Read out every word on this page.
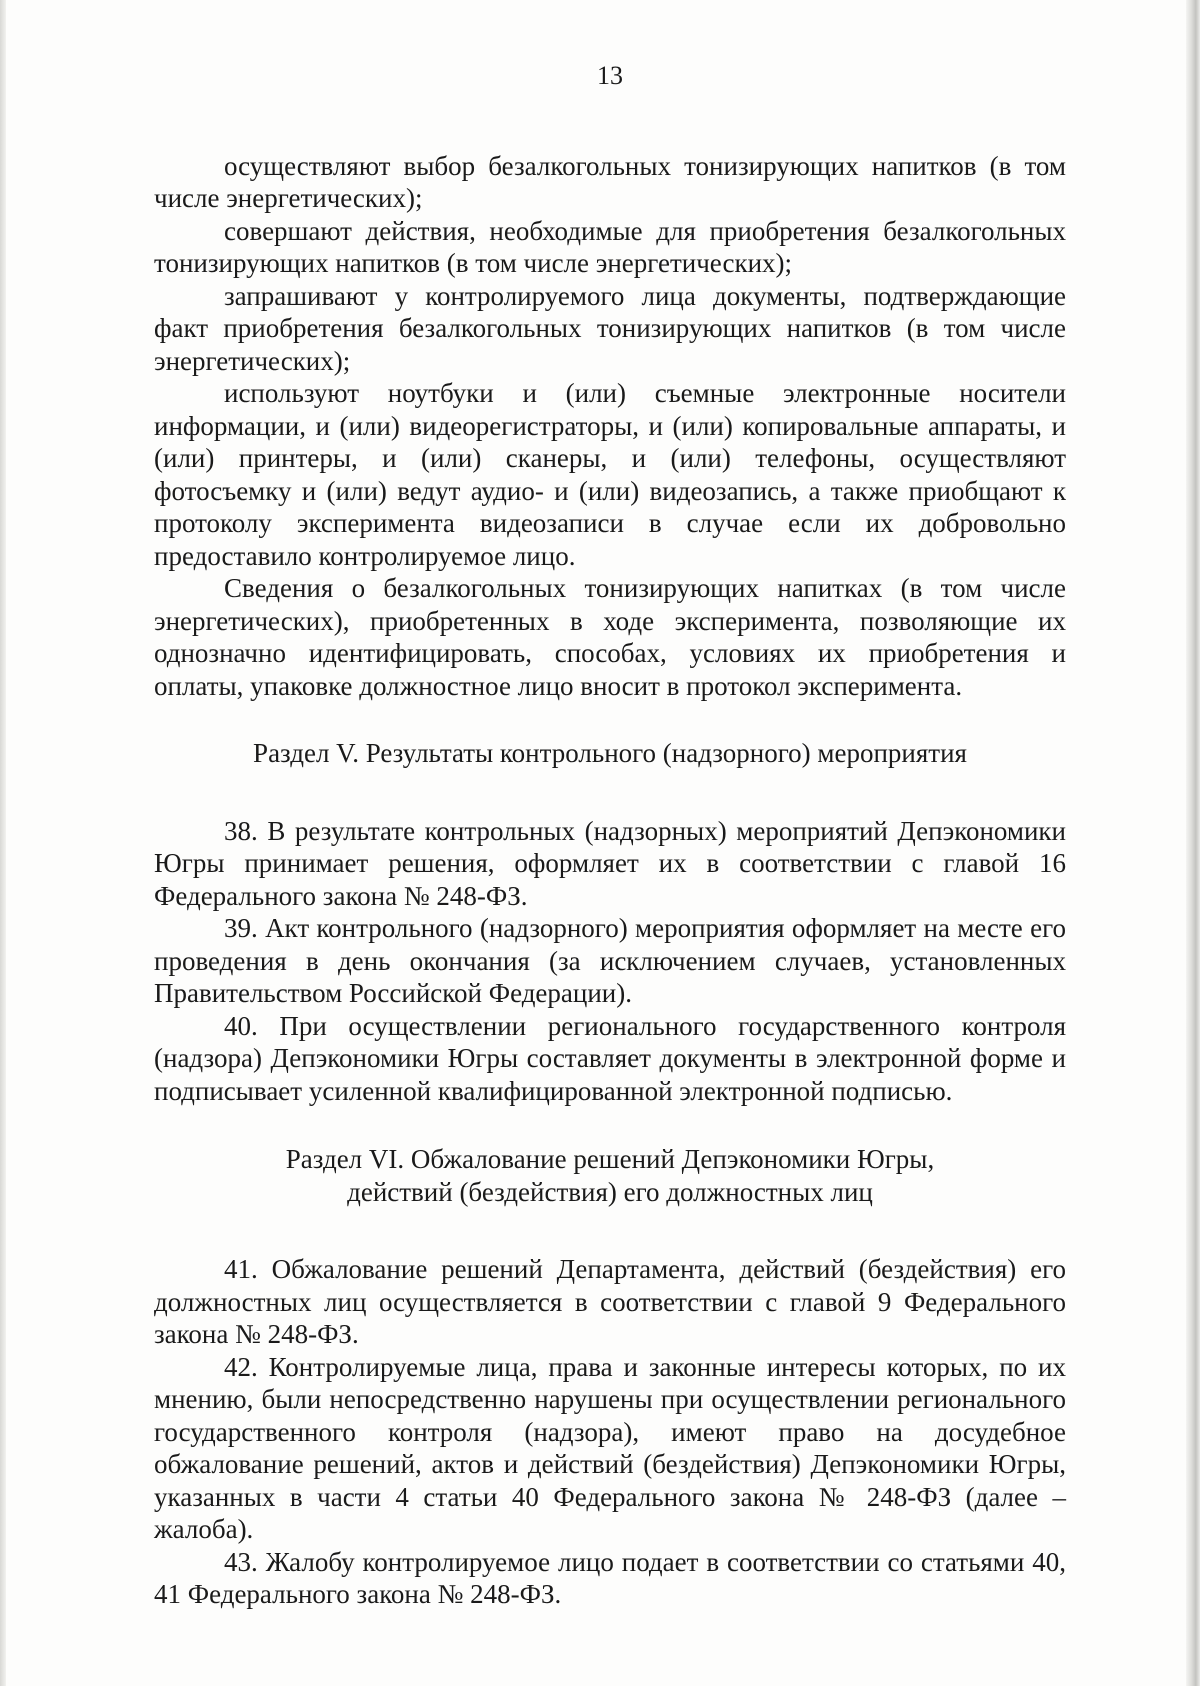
13

осуществляют выбор безалкогольных тонизирующих напитков (в том числе энергетических);

совершают действия, необходимые для приобретения безалкогольных тонизирующих напитков (в том числе энергетических);

запрашивают у контролируемого лица документы, подтверждающие факт приобретения безалкогольных тонизирующих напитков (в том числе энергетических);

используют ноутбуки и (или) съемные электронные носители информации, и (или) видеорегистраторы, и (или) копировальные аппараты, и (или) принтеры, и (или) сканеры, и (или) телефоны, осуществляют фотосъемку и (или) ведут аудио- и (или) видеозапись, а также приобщают к протоколу эксперимента видеозаписи в случае если их добровольно предоставило контролируемое лицо.

Сведения о безалкогольных тонизирующих напитках (в том числе энергетических), приобретенных в ходе эксперимента, позволяющие их однозначно идентифицировать, способах, условиях их приобретения и оплаты, упаковке должностное лицо вносит в протокол эксперимента.

Раздел V. Результаты контрольного (надзорного) мероприятия

38. В результате контрольных (надзорных) мероприятий Депэкономики Югры принимает решения, оформляет их в соответствии с главой 16 Федерального закона № 248-ФЗ.

39. Акт контрольного (надзорного) мероприятия оформляет на месте его проведения в день окончания (за исключением случаев, установленных Правительством Российской Федерации).

40. При осуществлении регионального государственного контроля (надзора) Депэкономики Югры составляет документы в электронной форме и подписывает усиленной квалифицированной электронной подписью.

Раздел VI. Обжалование решений Депэкономики Югры,
действий (бездействия) его должностных лиц

41. Обжалование решений Департамента, действий (бездействия) его должностных лиц осуществляется в соответствии с главой 9 Федерального закона № 248-ФЗ.

42. Контролируемые лица, права и законные интересы которых, по их мнению, были непосредственно нарушены при осуществлении регионального государственного контроля (надзора), имеют право на досудебное обжалование решений, актов и действий (бездействия) Депэкономики Югры, указанных в части 4 статьи 40 Федерального закона № 248-ФЗ (далее – жалоба).

43. Жалобу контролируемое лицо подает в соответствии со статьями 40, 41 Федерального закона № 248-ФЗ.
